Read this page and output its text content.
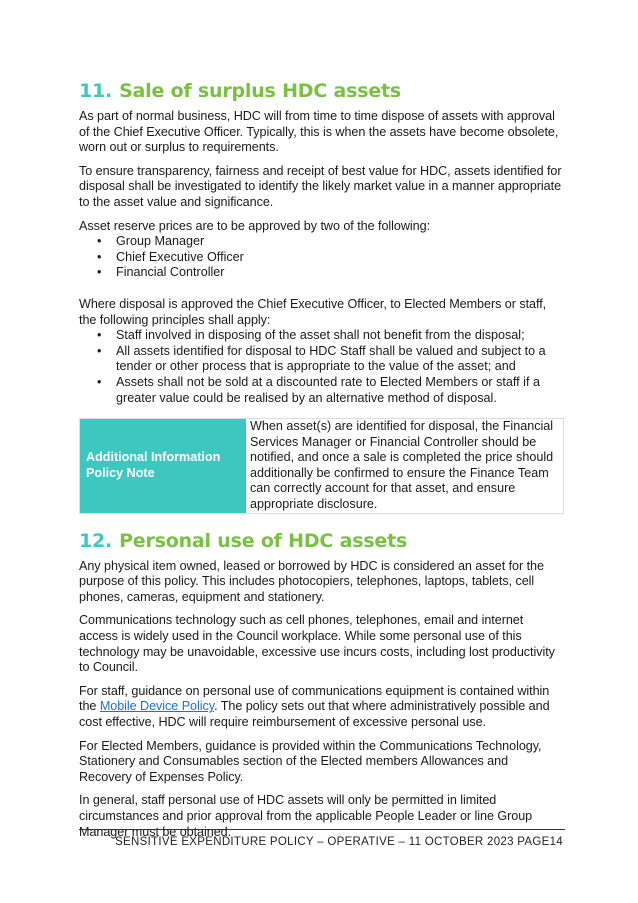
11. Sale of surplus HDC assets

As part of normal business, HDC will from time to time dispose of assets with approval of the Chief Executive Officer. Typically, this is when the assets have become obsolete, worn out or surplus to requirements.

To ensure transparency, fairness and receipt of best value for HDC, assets identified for disposal shall be investigated to identify the likely market value in a manner appropriate to the asset value and significance.

Asset reserve prices are to be approved by two of the following:

• Group Manager
• Chief Executive Officer
• Financial Controller

Where disposal is approved the Chief Executive Officer, to Elected Members or staff, the following principles shall apply:

• Staff involved in disposing of the asset shall not benefit from the disposal;
• All assets identified for disposal to HDC Staff shall be valued and subject to a tender or other process that is appropriate to the value of the asset; and
• Assets shall not be sold at a discounted rate to Elected Members or staff if a greater value could be realised by an alternative method of disposal.
Additional Information
Policy Note
When asset(s) are identified for disposal, the Financial Services Manager or Financial Controller should be notified, and once a sale is completed the price should additionally be confirmed to ensure the Finance Team can correctly account for that asset, and ensure appropriate disclosure.
12. Personal use of HDC assets

Any physical item owned, leased or borrowed by HDC is considered an asset for the purpose of this policy. This includes photocopiers, telephones, laptops, tablets, cell phones, cameras, equipment and stationery.

Communications technology such as cell phones, telephones, email and internet access is widely used in the Council workplace. While some personal use of this technology may be unavoidable, excessive use incurs costs, including lost productivity to Council.

For staff, guidance on personal use of communications equipment is contained within the Mobile Device Policy. The policy sets out that where administratively possible and cost effective, HDC will require reimbursement of excessive personal use.

For Elected Members, guidance is provided within the Communications Technology, Stationery and Consumables section of the Elected members Allowances and Recovery of Expenses Policy.

In general, staff personal use of HDC assets will only be permitted in limited circumstances and prior approval from the applicable People Leader or line Group Manager must be obtained.

SENSITIVE EXPENDITURE POLICY – OPERATIVE – 11 OCTOBER 2023 PAGE14
